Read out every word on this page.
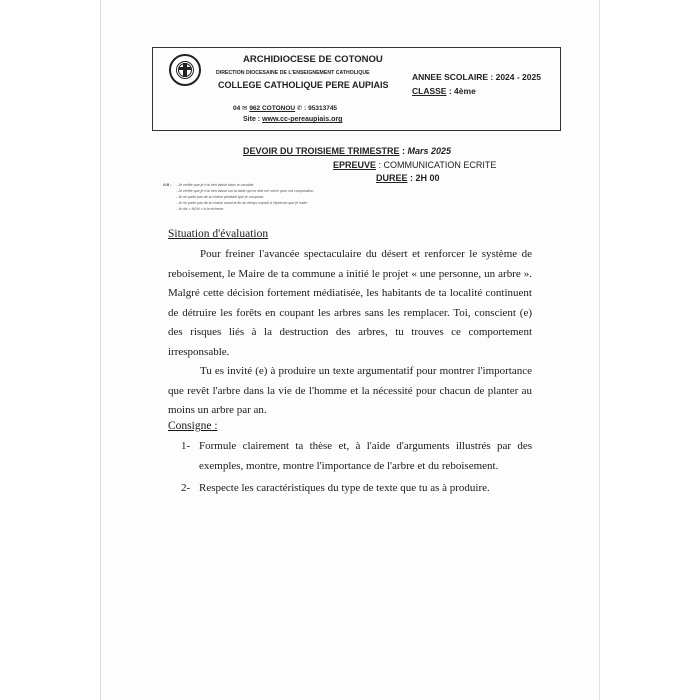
ARCHIDIOCESE DE COTONOU
DIRECTION DIOCESAINE DE L'ENSEIGNEMENT CATHOLIQUE
COLLEGE CATHOLIQUE PERE AUPIAIS
ANNEE SCOLAIRE : 2024 - 2025
CLASSE : 4ème
04 ✉ 962 COTONOU ✆ : 95313745
Site : www.cc-pereaupiais.org
DEVOIR DU TROISIEME TRIMESTRE : Mars 2025
EPREUVE : COMMUNICATION ECRITE
DUREE : 2H 00
N.B : - Je vérifie que je n'ai rien laissé dans le cartable.
- Je vérifie que je n'ai rien laissé sur la table qui ne doit me servir pour ma composition.
- Je ne parle pas de la chaise pendant que je compose.
- Je ne parle pas de la chaise avant la fin du temps imparti à l'épreuve que je traite.
- Je dis « NON » à la tricherie.
Situation d'évaluation

Pour freiner l'avancée spectaculaire du désert et renforcer le système de reboisement, le Maire de ta commune a initié le projet « une personne, un arbre ». Malgré cette décision fortement médiatisée, les habitants de ta localité continuent de détruire les forêts en coupant les arbres sans les remplacer. Toi, conscient (e) des risques liés à la destruction des arbres, tu trouves ce comportement irresponsable.

Tu es invité (e) à produire un texte argumentatif pour montrer l'importance que revêt l'arbre dans la vie de l'homme et la nécessité pour chacun de planter au moins un arbre par an.

Consigne :
1- Formule clairement ta thèse et, à l'aide d'arguments illustrés par des exemples, montre, montre l'importance de l'arbre et du reboisement.
2- Respecte les caractéristiques du type de texte que tu as à produire.
